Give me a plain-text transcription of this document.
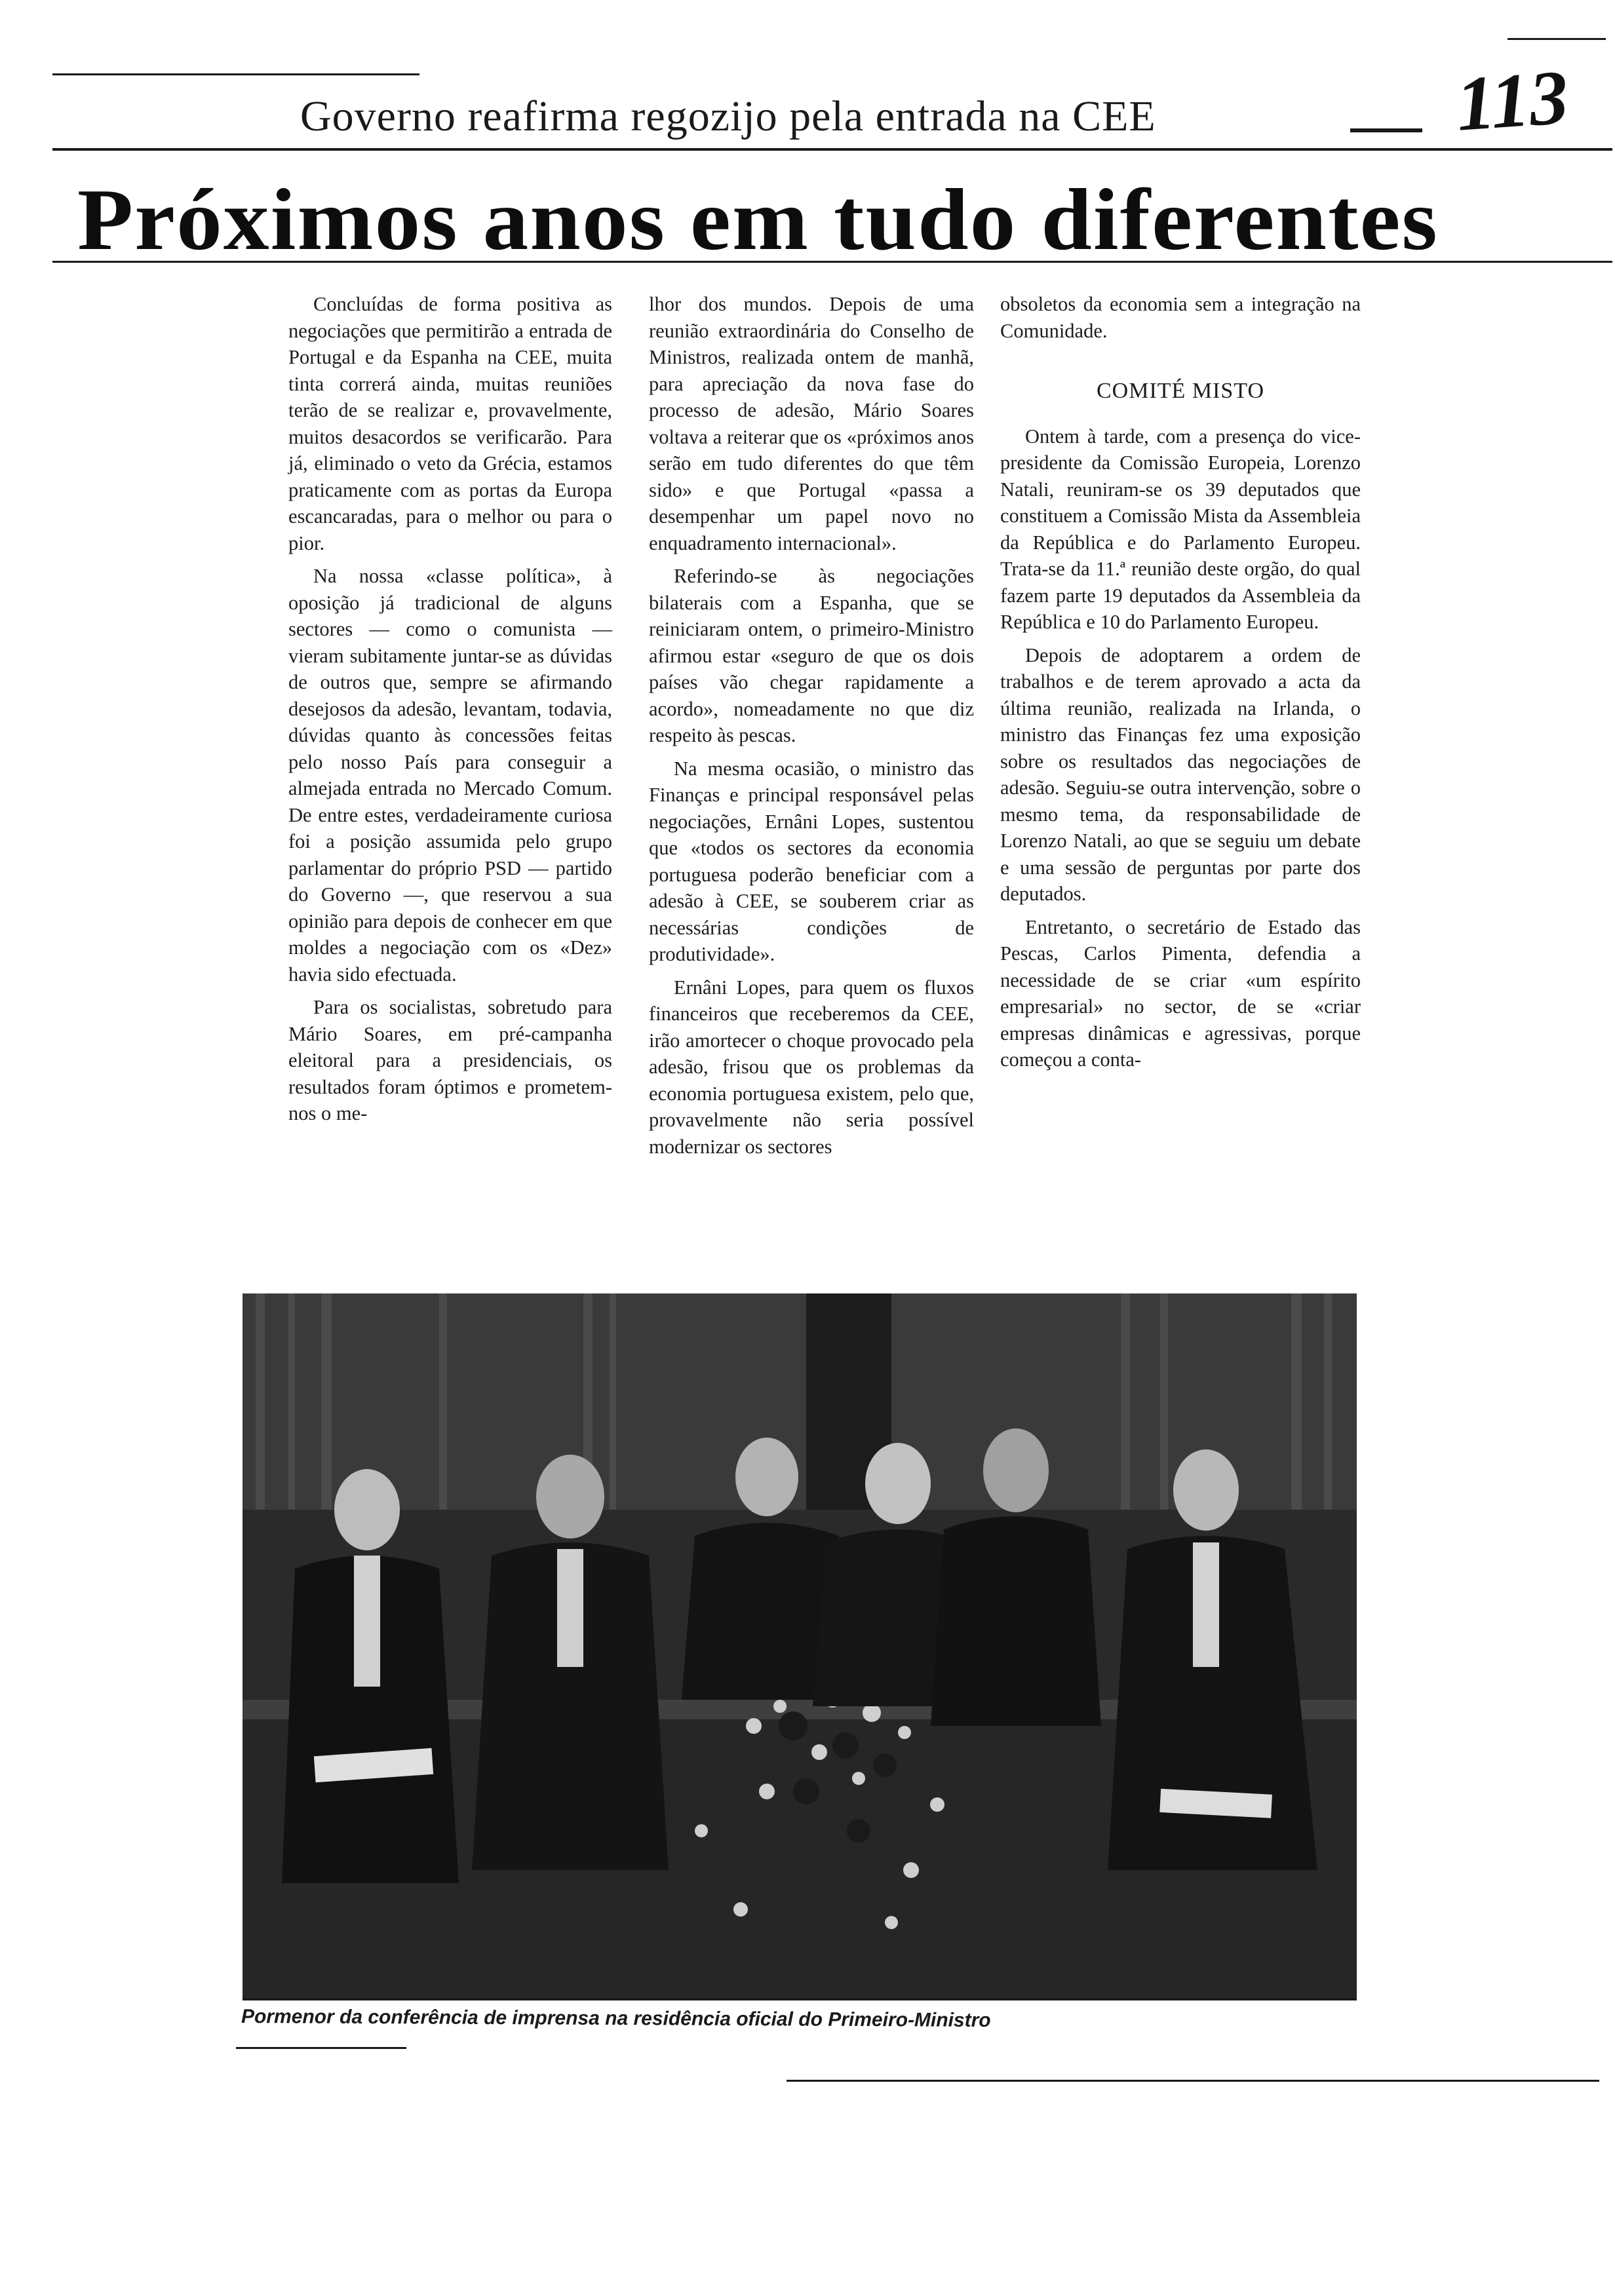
Governo reafirma regozijo pela entrada na CEE	113
Próximos anos em tudo diferentes

Concluídas de forma positiva as negociações que permitirão a entrada de Portugal e da Espanha na CEE, muita tinta correrá ainda, muitas reuniões terão de se realizar e, provavelmente, muitos desacordos se verificarão. Para já, eliminado o veto da Grécia, estamos praticamente com as portas da Europa escancaradas, para o melhor ou para o pior.

Na nossa «classe política», à oposição já tradicional de alguns sectores — como o comunista — vieram subitamente juntar-se as dúvidas de outros que, sempre se afirmando desejosos da adesão, levantam, todavia, dúvidas quanto às concessões feitas pelo nosso País para conseguir a almejada entrada no Mercado Comum. De entre estes, verdadeiramente curiosa foi a posição assumida pelo grupo parlamentar do próprio PSD — partido do Governo —, que reservou a sua opinião para depois de conhecer em que moldes a negociação com os «Dez» havia sido efectuada.

Para os socialistas, sobretudo para Mário Soares, em pré-campanha eleitoral para a presidenciais, os resultados foram óptimos e prometem-nos o me-

lhor dos mundos. Depois de uma reunião extraordinária do Conselho de Ministros, realizada ontem de manhã, para apreciação da nova fase do processo de adesão, Mário Soares voltava a reiterar que os «próximos anos serão em tudo diferentes do que têm sido» e que Portugal «passa a desempenhar um papel novo no enquadramento internacional».

Referindo-se às negociações bilaterais com a Espanha, que se reiniciaram ontem, o primeiro-Ministro afirmou estar «seguro de que os dois países vão chegar rapidamente a acordo», nomeadamente no que diz respeito às pescas.

Na mesma ocasião, o ministro das Finanças e principal responsável pelas negociações, Ernâni Lopes, sustentou que «todos os sectores da economia portuguesa poderão beneficiar com a adesão à CEE, se souberem criar as necessárias condições de produtividade».

Ernâni Lopes, para quem os fluxos financeiros que receberemos da CEE, irão amortecer o choque provocado pela adesão, frisou que os problemas da economia portuguesa existem, pelo que, provavelmente não seria possível modernizar os sectores

obsoletos da economia sem a integração na Comunidade.

COMITÉ MISTO

Ontem à tarde, com a presença do vice-presidente da Comissão Europeia, Lorenzo Natali, reuniram-se os 39 deputados que constituem a Comissão Mista da Assembleia da República e do Parlamento Europeu. Trata-se da 11.ª reunião deste orgão, do qual fazem parte 19 deputados da Assembleia da República e 10 do Parlamento Europeu.

Depois de adoptarem a ordem de trabalhos e de terem aprovado a acta da última reunião, realizada na Irlanda, o ministro das Finanças fez uma exposição sobre os resultados das negociações de adesão. Seguiu-se outra intervenção, sobre o mesmo tema, da responsabilidade de Lorenzo Natali, ao que se seguiu um debate e uma sessão de perguntas por parte dos deputados.

Entretanto, o secretário de Estado das Pescas, Carlos Pimenta, defendia a necessidade de se criar «um espírito empresarial» no sector, de se «criar empresas dinâmicas e agressivas, porque começou a conta-

Pormenor da conferência de imprensa na residência oficial do Primeiro-Ministro
